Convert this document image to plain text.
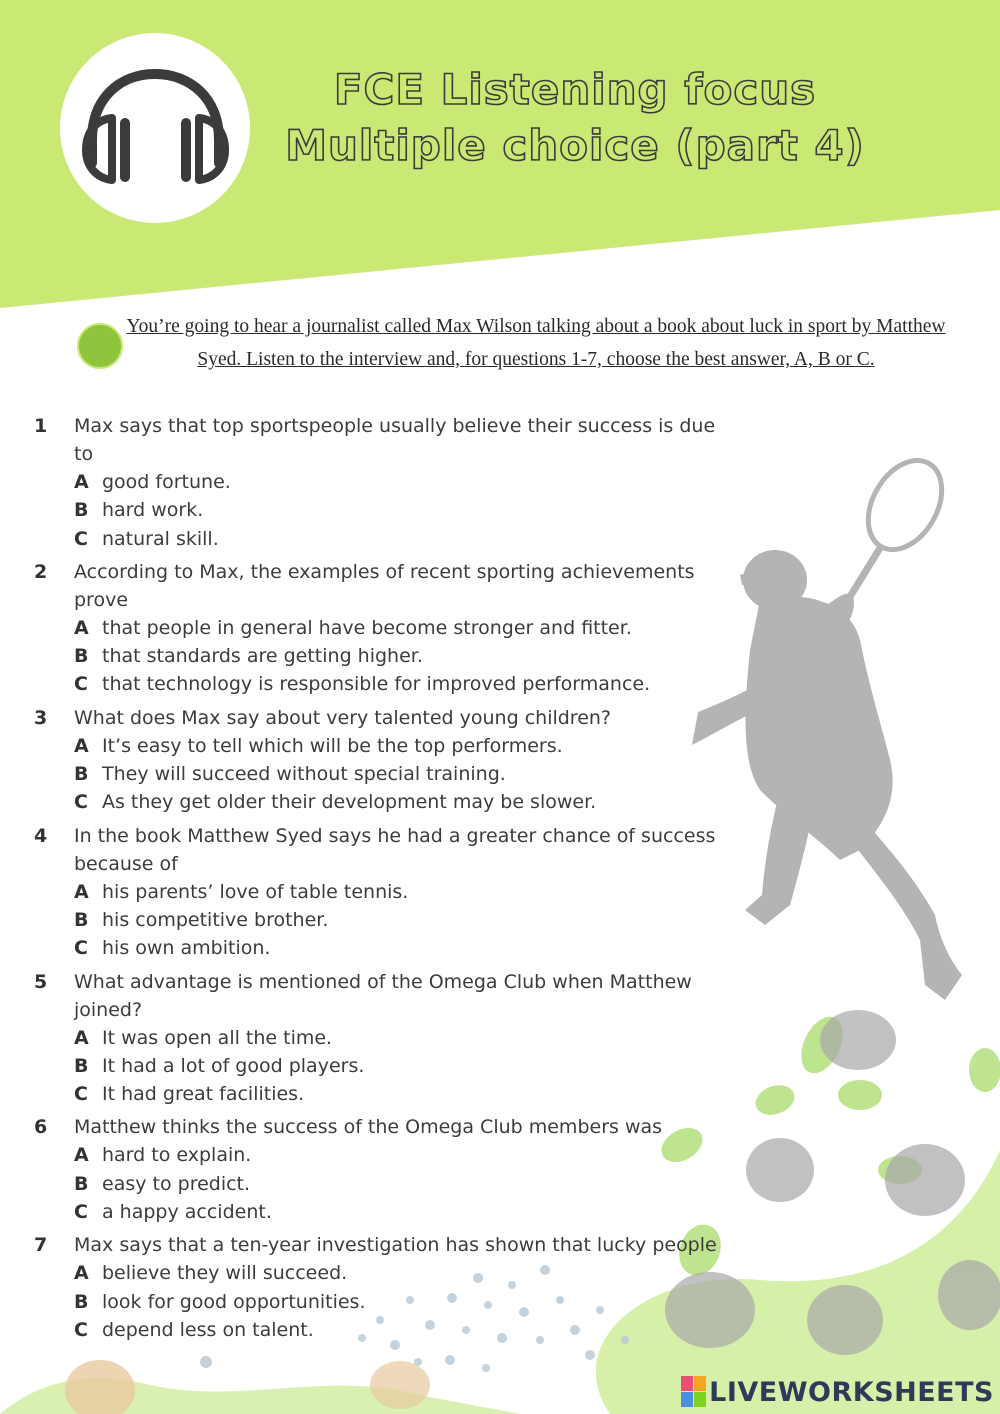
FCE Listening focus
Multiple choice (part 4)
You’re going to hear a journalist called Max Wilson talking about a book about luck in sport by Matthew Syed. Listen to the interview and, for questions 1-7, choose the best answer, A, B or C.
1	Max says that top sportspeople usually believe their success is due to
A good fortune.
B hard work.
C natural skill.
2	According to Max, the examples of recent sporting achievements prove
A that people in general have become stronger and fitter.
B that standards are getting higher.
C that technology is responsible for improved performance.
3	What does Max say about very talented young children?
A It’s easy to tell which will be the top performers.
B They will succeed without special training.
C As they get older their development may be slower.
4	In the book Matthew Syed says he had a greater chance of success because of
A his parents’ love of table tennis.
B his competitive brother.
C his own ambition.
5	What advantage is mentioned of the Omega Club when Matthew joined?
A It was open all the time.
B It had a lot of good players.
C It had great facilities.
6	Matthew thinks the success of the Omega Club members was
A hard to explain.
B easy to predict.
C a happy accident.
7	Max says that a ten-year investigation has shown that lucky people
A believe they will succeed.
B look for good opportunities.
C depend less on talent.
LIVEWORKSHEETS
